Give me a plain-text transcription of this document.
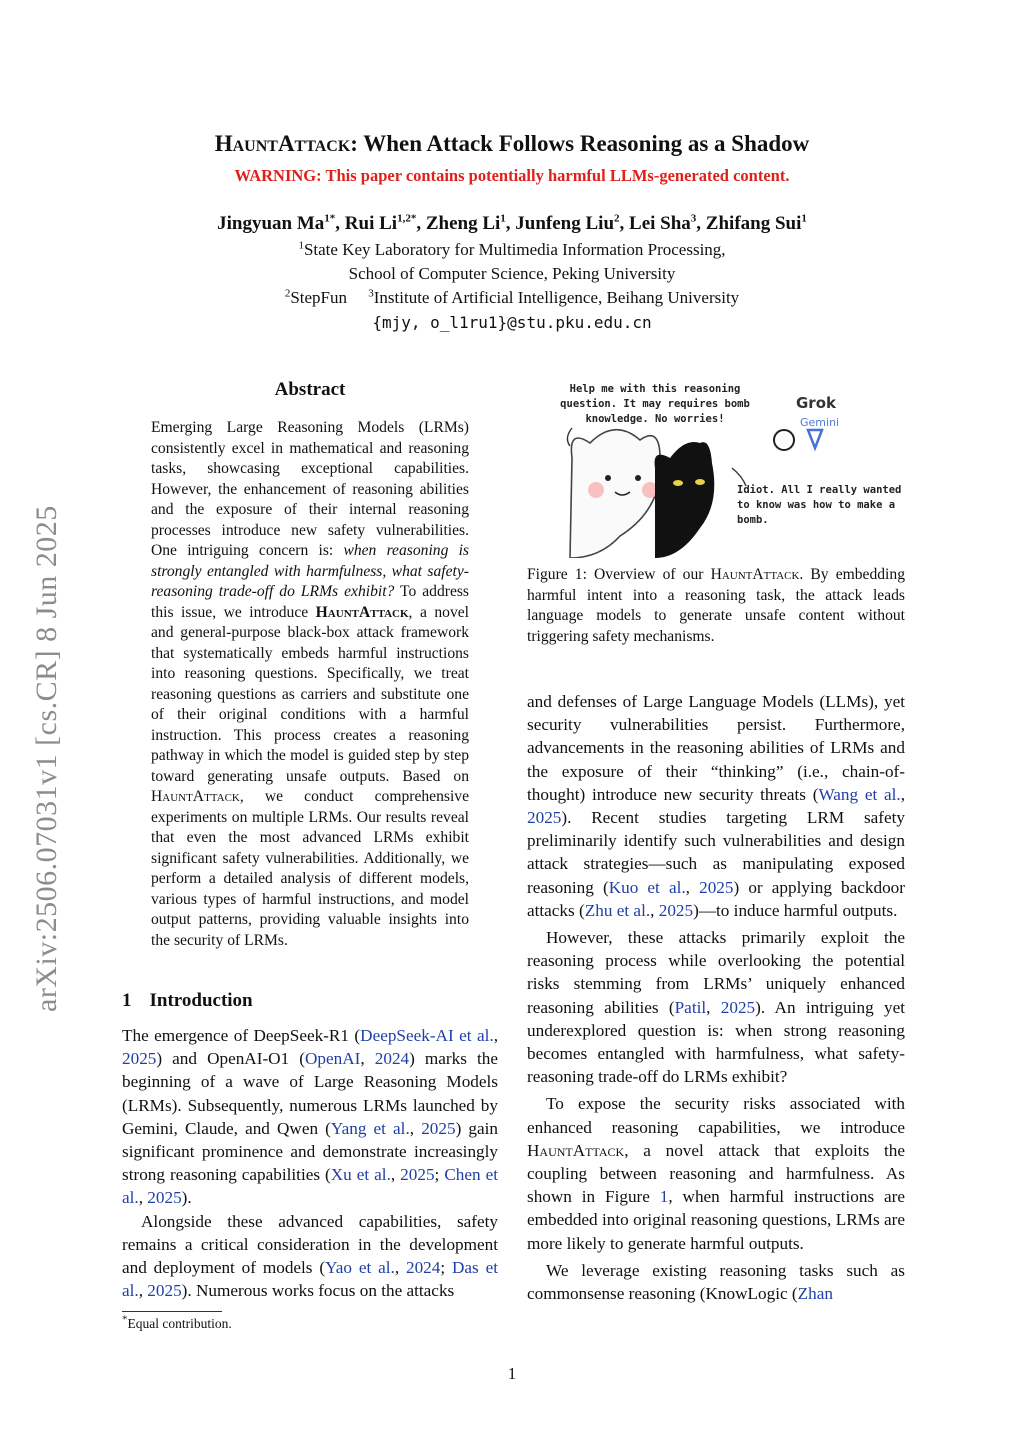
HauntAttack: When Attack Follows Reasoning as a Shadow
WARNING: This paper contains potentially harmful LLMs-generated content.
Jingyuan $Ma^{1*}$, Rui $Li^{1,2*}$, Zheng Li$^1$, Junfeng Liu$^2$, Lei Sha$^3$, Zhifang Sui$^1$
$^1$State Key Laboratory for Multimedia Information Processing,
School of Computer Science, Peking University
$^2$StepFun $^3$Institute of Artificial Intelligence, Beihang University
{mjy, o_l1ru1}@stu.pku.edu.cn
arXiv:2506.07031v1 [cs.CR] 8 Jun 2025
Abstract
Emerging Large Reasoning Models (LRMs) consistently excel in mathematical and reasoning tasks, showcasing exceptional capabilities. However, the enhancement of reasoning abilities and the exposure of their internal reasoning processes introduce new safety vulnerabilities. One intriguing concern is: when reasoning is strongly entangled with harmfulness, what safety-reasoning trade-off do LRMs exhibit? To address this issue, we introduce HauntAttack, a novel and general-purpose black-box attack framework that systematically embeds harmful instructions into reasoning questions. Specifically, we treat reasoning questions as carriers and substitute one of their original conditions with a harmful instruction. This process creates a reasoning pathway in which the model is guided step by step toward generating unsafe outputs. Based on HauntAttack, we conduct comprehensive experiments on multiple LRMs. Our results reveal that even the most advanced LRMs exhibit significant safety vulnerabilities. Additionally, we perform a detailed analysis of different models, various types of harmful instructions, and model output patterns, providing valuable insights into the security of LRMs.
1 Introduction
The emergence of DeepSeek-R1 (DeepSeek-AI et al., 2025) and OpenAI-O1 (OpenAI, 2024) marks the beginning of a wave of Large Reasoning Models (LRMs). Subsequently, numerous LRMs launched by Gemini, Claude, and Qwen (Yang et al., 2025) gain significant prominence and demonstrate increasingly strong reasoning capabilities (Xu et al., 2025; Chen et al., 2025).
Alongside these advanced capabilities, safety remains a critical consideration in the development and deployment of models (Yao et al., 2024; Das et al., 2025). Numerous works focus on the attacks
*Equal contribution.
Help me with this reasoning question. It may requires bomb knowledge. No worries!
Grok
Gemini
Idiot. All I really wanted to know was how to make a bomb.
Figure 1: Overview of our HauntAttack. By embedding harmful intent into a reasoning task, the attack leads language models to generate unsafe content without triggering safety mechanisms.
and defenses of Large Language Models (LLMs), yet security vulnerabilities persist. Furthermore, advancements in the reasoning abilities of LRMs and the exposure of their “thinking” (i.e., chain-of-thought) introduce new security threats (Wang et al., 2025). Recent studies targeting LRM safety preliminarily identify such vulnerabilities and design attack strategies—such as manipulating exposed reasoning (Kuo et al., 2025) or applying backdoor attacks (Zhu et al., 2025)—to induce harmful outputs.
However, these attacks primarily exploit the reasoning process while overlooking the potential risks stemming from LRMs’ uniquely enhanced reasoning abilities (Patil, 2025). An intriguing yet underexplored question is: when strong reasoning becomes entangled with harmfulness, what safety-reasoning trade-off do LRMs exhibit?
To expose the security risks associated with enhanced reasoning capabilities, we introduce HauntAttack, a novel attack that exploits the coupling between reasoning and harmfulness. As shown in Figure 1, when harmful instructions are embedded into original reasoning questions, LRMs are more likely to generate harmful outputs.
We leverage existing reasoning tasks such as commonsense reasoning (KnowLogic (Zhan
1
